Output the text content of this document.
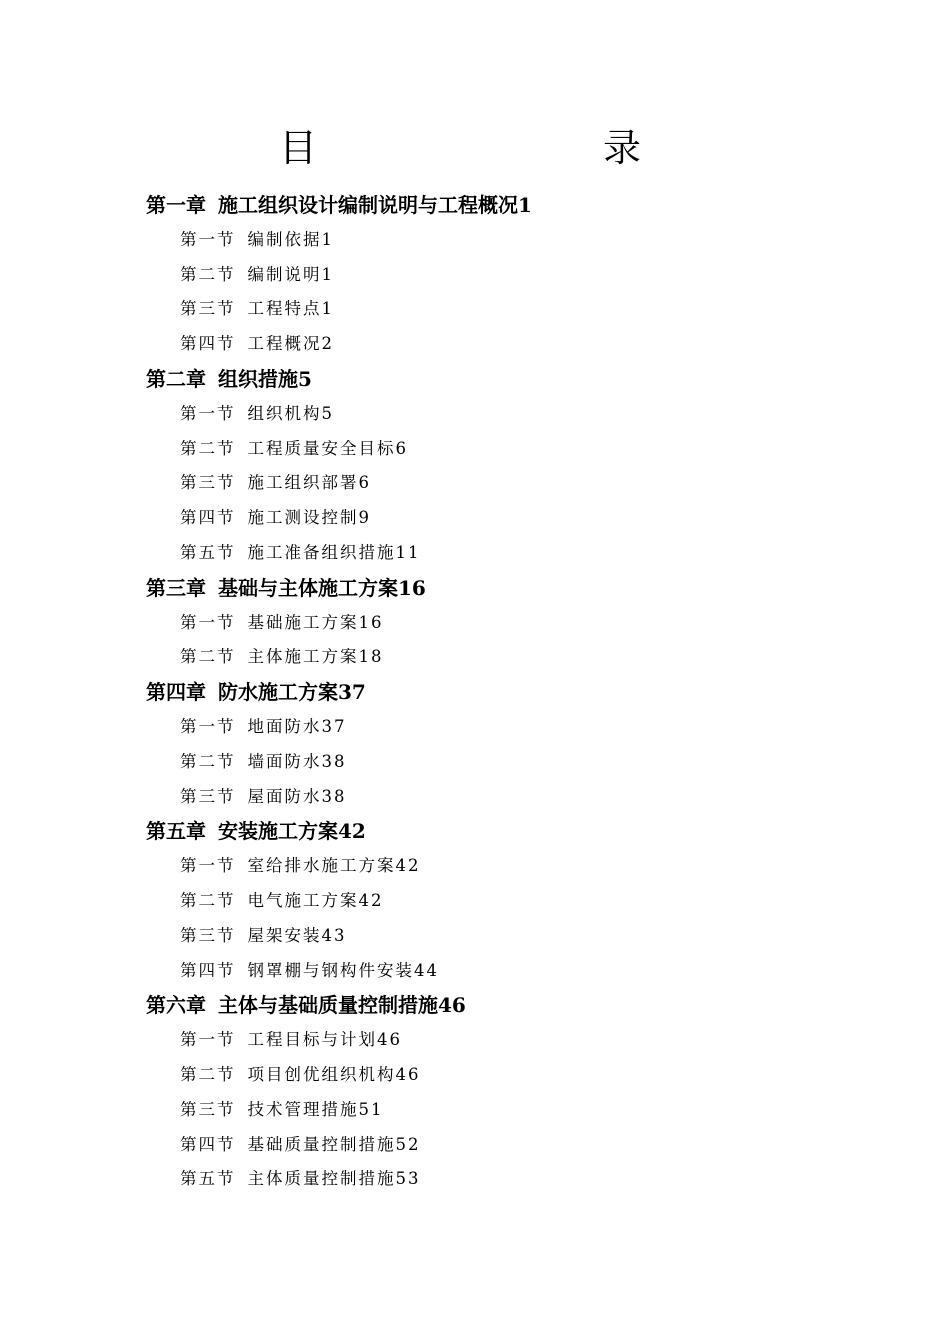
目　　录
第一章 施工组织设计编制说明与工程概况1
第一节 编制依据1
第二节 编制说明1
第三节 工程特点1
第四节 工程概况2
第二章 组织措施5
第一节 组织机构5
第二节 工程质量安全目标6
第三节 施工组织部署6
第四节 施工测设控制9
第五节 施工准备组织措施11
第三章 基础与主体施工方案16
第一节 基础施工方案16
第二节 主体施工方案18
第四章 防水施工方案37
第一节 地面防水37
第二节 墙面防水38
第三节 屋面防水38
第五章 安装施工方案42
第一节 室给排水施工方案42
第二节 电气施工方案42
第三节 屋架安装43
第四节 钢罩棚与钢构件安装44
第六章 主体与基础质量控制措施46
第一节 工程目标与计划46
第二节 项目创优组织机构46
第三节 技术管理措施51
第四节 基础质量控制措施52
第五节 主体质量控制措施53
